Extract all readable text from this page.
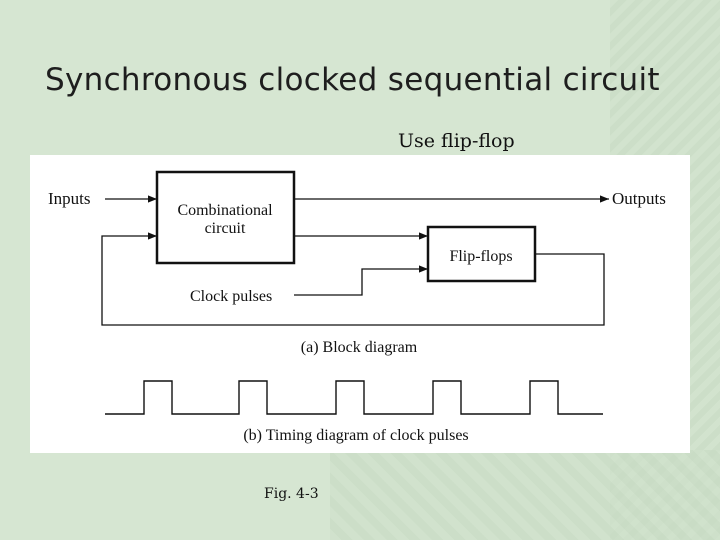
Synchronous clocked sequential circuit
Use flip-flop
Inputs
Combinational
circuit
Outputs
Flip-flops
Clock pulses
(a) Block diagram
(b) Timing diagram of clock pulses
Fig. 4-3
